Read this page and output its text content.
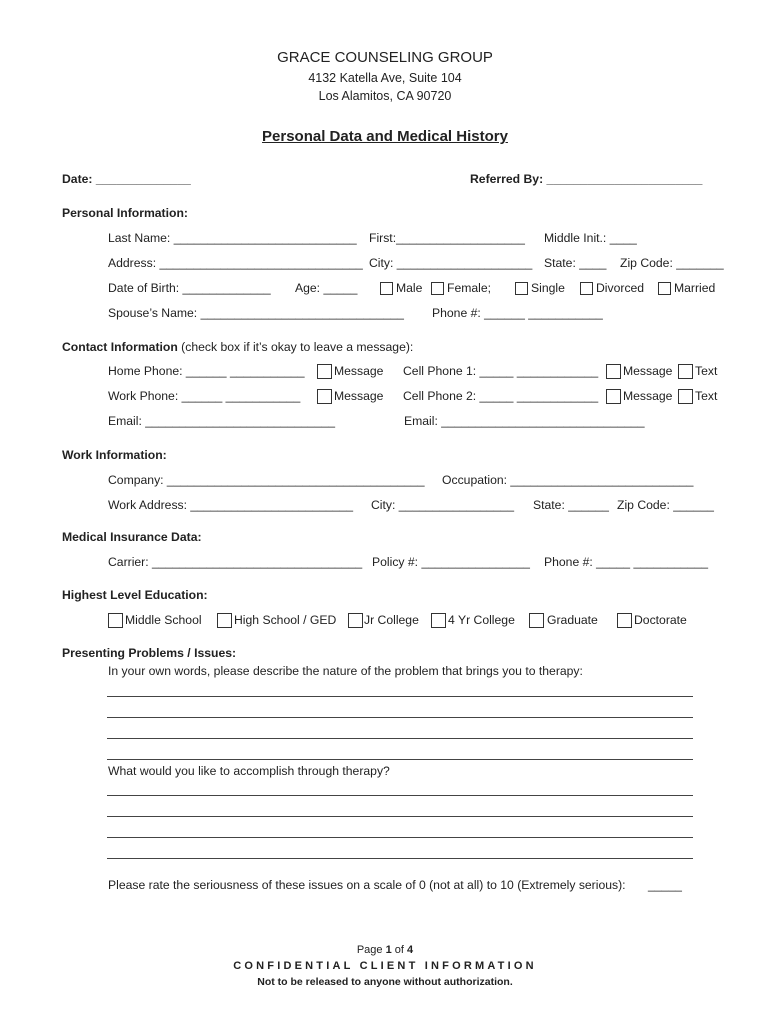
GRACE COUNSELING GROUP
4132 Katella Ave, Suite 104
Los Alamitos, CA 90720
Personal Data and Medical History
Date: ______________	Referred By: _______________________
Personal Information:
Last Name: ___________________________ First:___________________ Middle Init.: ____
Address: ______________________________ City: ____________________ State: ____ Zip Code: _______
Date of Birth: _____________ Age: _____	Male Female;	Single	Divorced Married
Spouse’s Name: ______________________________ Phone #: ______ ___________
Contact Information (check box if it’s okay to leave a message):
Home Phone: ______ ___________ Message Cell Phone 1: _____ ____________ Message Text
Work Phone: ______ ___________	Message Cell Phone 2: _____ ____________ Message Text
Email: ____________________________	Email: ______________________________
Work Information:
Company: ______________________________________ Occupation: ___________________________
Work Address: ________________________ City: _________________ State: ______ Zip Code: ______
Medical Insurance Data:
Carrier: _______________________________ Policy #: ________________ Phone #: _____ ___________
Highest Level Education:
Middle School	High School / GED Jr College 4 Yr College	Graduate	Doctorate
Presenting Problems / Issues:
In your own words, please describe the nature of the problem that brings you to therapy:
What would you like to accomplish through therapy?
Please rate the seriousness of these issues on a scale of 0 (not at all) to 10 (Extremely serious): _____
Page 1 of 4
CONFIDENTIAL CLIENT INFORMATION
Not to be released to anyone without authorization.
